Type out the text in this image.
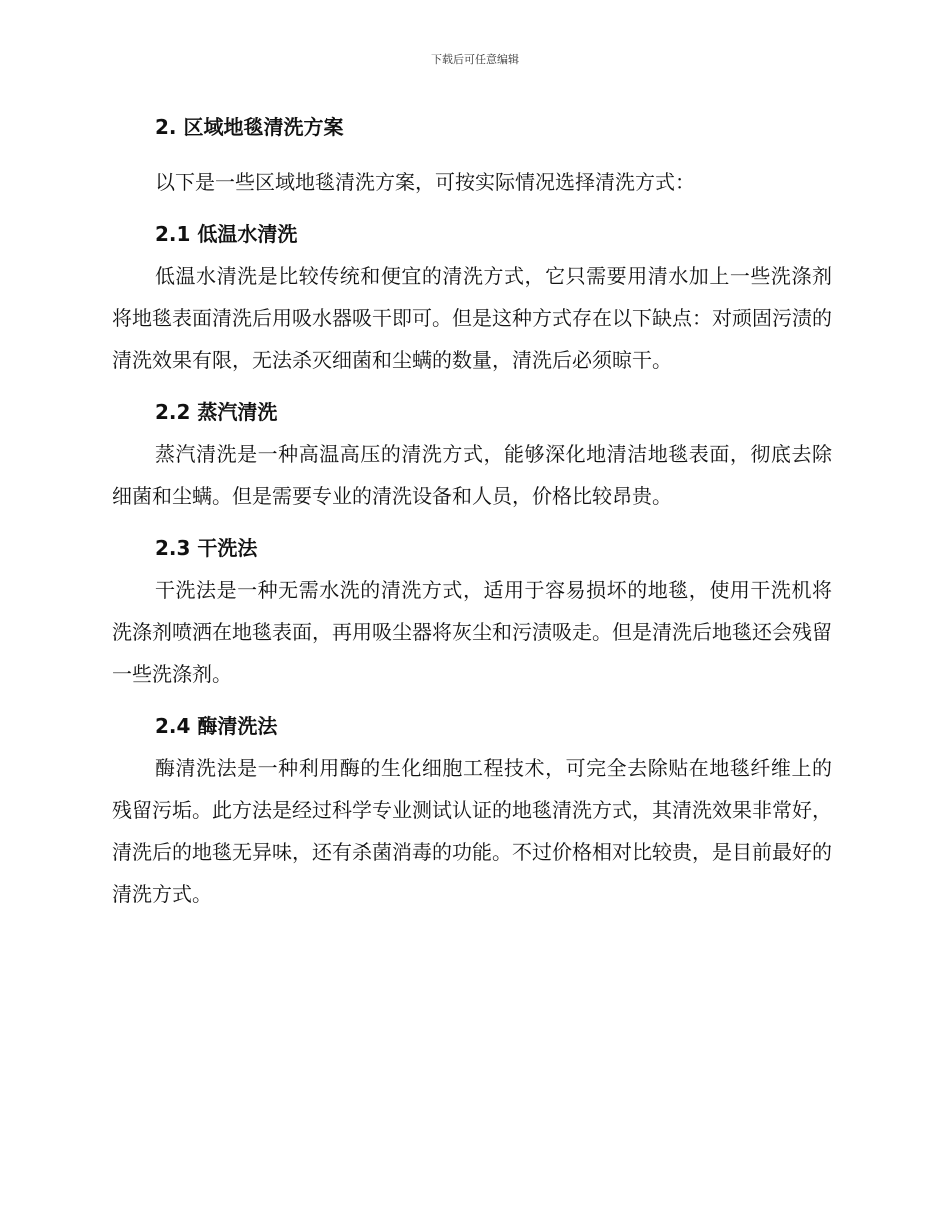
下载后可任意编辑
2. 区域地毯清洗方案

以下是一些区域地毯清洗方案，可按实际情况选择清洗方式：

2.1 低温水清洗

低温水清洗是比较传统和便宜的清洗方式，它只需要用清水加上一些洗涤剂将地毯表面清洗后用吸水器吸干即可。但是这种方式存在以下缺点：对顽固污渍的清洗效果有限，无法杀灭细菌和尘螨的数量，清洗后必须晾干。

2.2 蒸汽清洗

蒸汽清洗是一种高温高压的清洗方式，能够深化地清洁地毯表面，彻底去除细菌和尘螨。但是需要专业的清洗设备和人员，价格比较昂贵。

2.3 干洗法

干洗法是一种无需水洗的清洗方式，适用于容易损坏的地毯，使用干洗机将洗涤剂喷洒在地毯表面，再用吸尘器将灰尘和污渍吸走。但是清洗后地毯还会残留一些洗涤剂。

2.4 酶清洗法

酶清洗法是一种利用酶的生化细胞工程技术，可完全去除贴在地毯纤维上的残留污垢。此方法是经过科学专业测试认证的地毯清洗方式，其清洗效果非常好，清洗后的地毯无异味，还有杀菌消毒的功能。不过价格相对比较贵，是目前最好的清洗方式。
